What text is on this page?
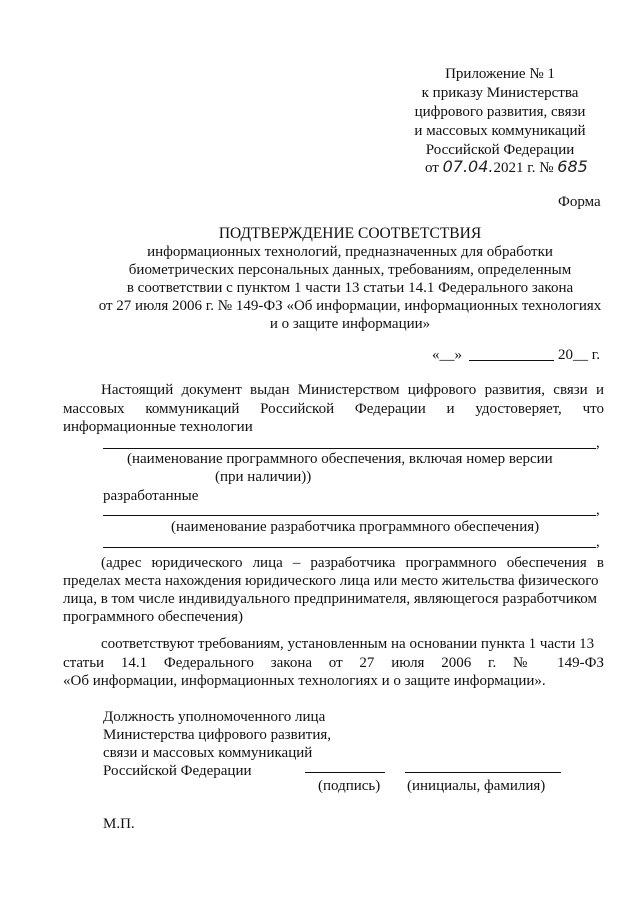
Приложение № 1
к приказу Министерства
цифрового развития, связи
и массовых коммуникаций
Российской Федерации
от 07.04.2021 г. № 685
Форма
ПОДТВЕРЖДЕНИЕ СООТВЕТСТВИЯ
информационных технологий, предназначенных для обработки
биометрических персональных данных, требованиям, определенным
в соответствии с пунктом 1 части 13 статьи 14.1 Федерального закона
от 27 июля 2006 г. № 149-ФЗ «Об информации, информационных технологиях
и о защите информации»
«__»	20__ г.
Настоящий документ выдан Министерством цифрового развития, связи и
массовых коммуникаций Российской Федерации и удостоверяет, что
информационные технологии
,
(наименование программного обеспечения, включая номер версии
(при наличии))
разработанные
,
(наименование разработчика программного обеспечения)
,
(адрес юридического лица – разработчика программного обеспечения в
пределах места нахождения юридического лица или место жительства физического
лица, в том числе индивидуального предпринимателя, являющегося разработчиком
программного обеспечения)
соответствуют требованиям, установленным на основании пункта 1 части 13
статьи 14.1 Федерального закона от 27 июля 2006 г. № 149-ФЗ
«Об информации, информационных технологиях и о защите информации».
Должность уполномоченного лица
Министерства цифрового развития,
связи и массовых коммуникаций
Российской Федерации
(подпись) (инициалы, фамилия)
М.П.
